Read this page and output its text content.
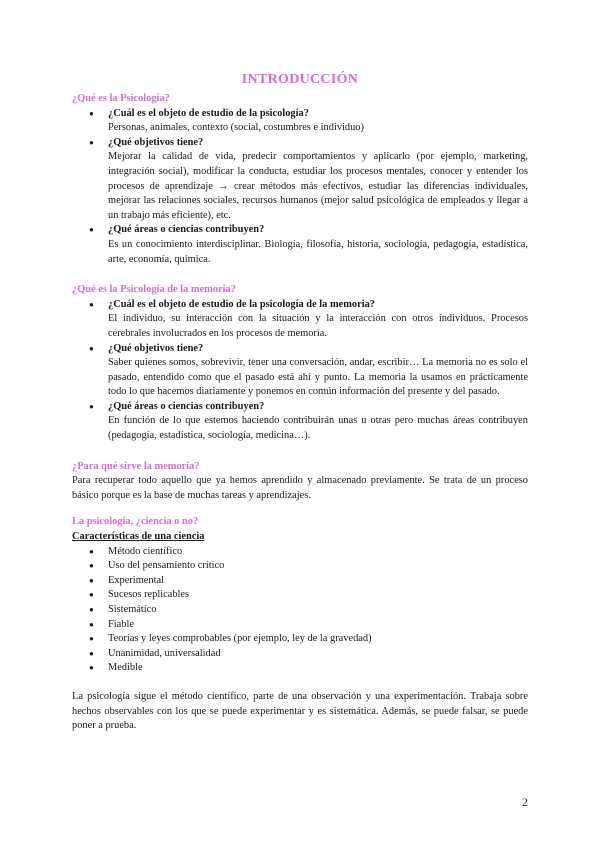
INTRODUCCIÓN
¿Qué es la Psicología?
● ¿Cuál es el objeto de estudio de la psicología?
Personas, animales, contexto (social, costumbres e individuo)
● ¿Qué objetivos tiene?
Mejorar la calidad de vida, predecir comportamientos y aplicarlo (por ejemplo, marketing, integración social), modificar la conducta, estudiar los procesos mentales, conocer y entender los procesos de aprendizaje → crear métodos más efectivos, estudiar las diferencias individuales, mejorar las relaciones sociales, recursos humanos (mejor salud psicológica de empleados y llegar a un trabajo más eficiente), etc.
● ¿Qué áreas o ciencias contribuyen?
Es un conocimiento interdisciplinar. Biología, filosofía, historia, sociología, pedagogía, estadística, arte, economía, química.
¿Qué es la Psicología de la memoria?
● ¿Cuál es el objeto de estudio de la psicología de la memoria?
El individuo, su interacción con la situación y la interacción con otros individuos. Procesos cerebrales involucrados en los procesos de memoria.
● ¿Qué objetivos tiene?
Saber quienes somos, sobrevivir, tener una conversación, andar, escribir… La memoria no es solo el pasado, entendido como que el pasado está ahí y punto. La memoria la usamos en prácticamente todo lo que hacemos diariamente y ponemos en común información del presente y del pasado.
● ¿Qué áreas o ciencias contribuyen?
En función de lo que estemos haciendo contribuirán unas u otras pero muchas áreas contribuyen (pedagogía, estadística, sociología, medicina…).
¿Para qué sirve la memoria?

Para recuperar todo aquello que ya hemos aprendido y almacenado previamente. Se trata de un proceso básico porque es la base de muchas tareas y aprendizajes.

La psicología, ¿ciencia o no?
Características de una ciencia
● Método científico
● Uso del pensamiento crítico
● Experimental
● Sucesos replicables
● Sistemático
● Fiable
● Teorías y leyes comprobables (por ejemplo, ley de la gravedad)
● Unanimidad, universalidad
● Medible

La psicología sigue el método científico, parte de una observación y una experimentación. Trabaja sobre hechos observables con los que se puede experimentar y es sistemática. Además, se puede falsar, se puede poner a prueba.

2
